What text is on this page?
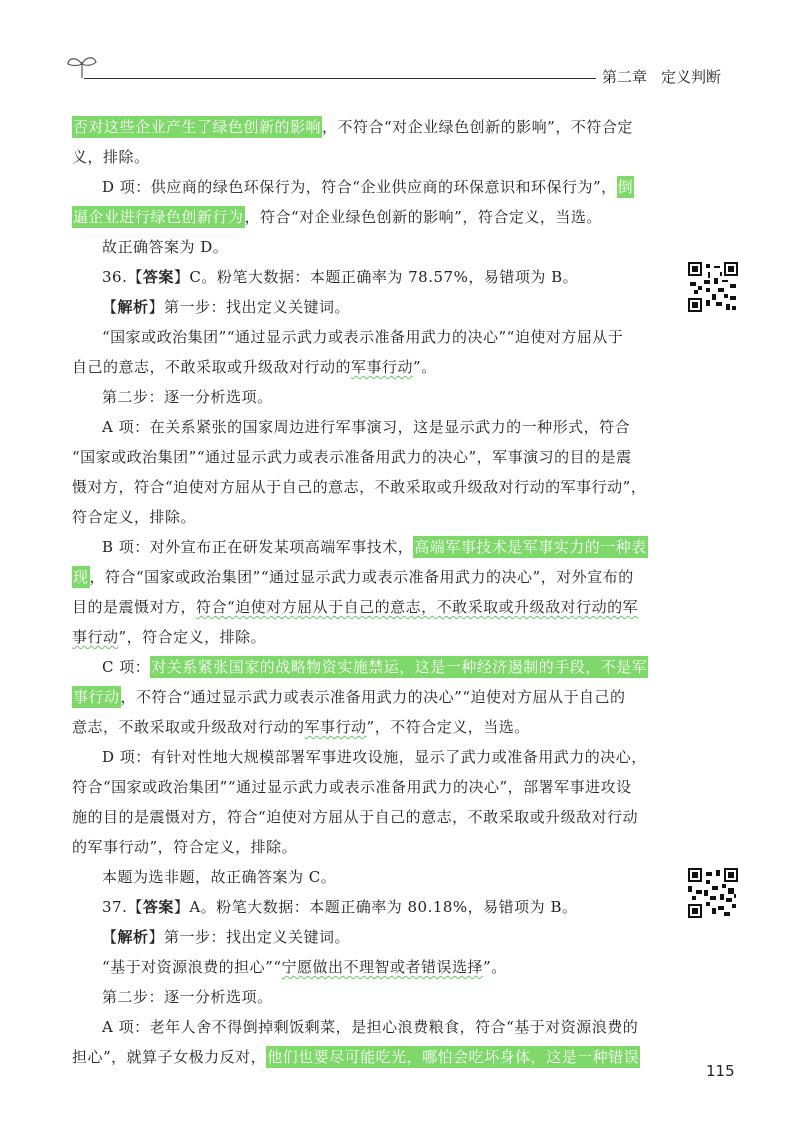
第二章 定义判断
否对这些企业产生了绿色创新的影响，不符合“对企业绿色创新的影响”，不符合定
义，排除。
D 项：供应商的绿色环保行为，符合“企业供应商的环保意识和环保行为”，倒
逼企业进行绿色创新行为，符合“对企业绿色创新的影响”，符合定义，当选。
故正确答案为 D。
36.【答案】C。粉笔大数据：本题正确率为 78.57%，易错项为 B。
【解析】第一步：找出定义关键词。
“国家或政治集团”“通过显示武力或表示准备用武力的决心”“迫使对方屈从于
自己的意志，不敢采取或升级敌对行动的军事行动”。
第二步：逐一分析选项。
A 项：在关系紧张的国家周边进行军事演习，这是显示武力的一种形式，符合
“国家或政治集团”“通过显示武力或表示准备用武力的决心”，军事演习的目的是震
慑对方，符合“迫使对方屈从于自己的意志，不敢采取或升级敌对行动的军事行动”，
符合定义，排除。
B 项：对外宣布正在研发某项高端军事技术，高端军事技术是军事实力的一种表
现，符合“国家或政治集团”“通过显示武力或表示准备用武力的决心”，对外宣布的
目的是震慑对方，符合“迫使对方屈从于自己的意志，不敢采取或升级敌对行动的军
事行动”，符合定义，排除。
C 项：对关系紧张国家的战略物资实施禁运，这是一种经济遏制的手段，不是军
事行动，不符合“通过显示武力或表示准备用武力的决心”“迫使对方屈从于自己的
意志，不敢采取或升级敌对行动的军事行动”，不符合定义，当选。
D 项：有针对性地大规模部署军事进攻设施，显示了武力或准备用武力的决心，
符合“国家或政治集团”“通过显示武力或表示准备用武力的决心”，部署军事进攻设
施的目的是震慑对方，符合“迫使对方屈从于自己的意志，不敢采取或升级敌对行动
的军事行动”，符合定义，排除。
本题为选非题，故正确答案为 C。
37.【答案】A。粉笔大数据：本题正确率为 80.18%，易错项为 B。
【解析】第一步：找出定义关键词。
“基于对资源浪费的担心”“宁愿做出不理智或者错误选择”。
第二步：逐一分析选项。
A 项：老年人舍不得倒掉剩饭剩菜，是担心浪费粮食，符合“基于对资源浪费的
担心”，就算子女极力反对，他们也要尽可能吃光，哪怕会吃坏身体，这是一种错误
115
